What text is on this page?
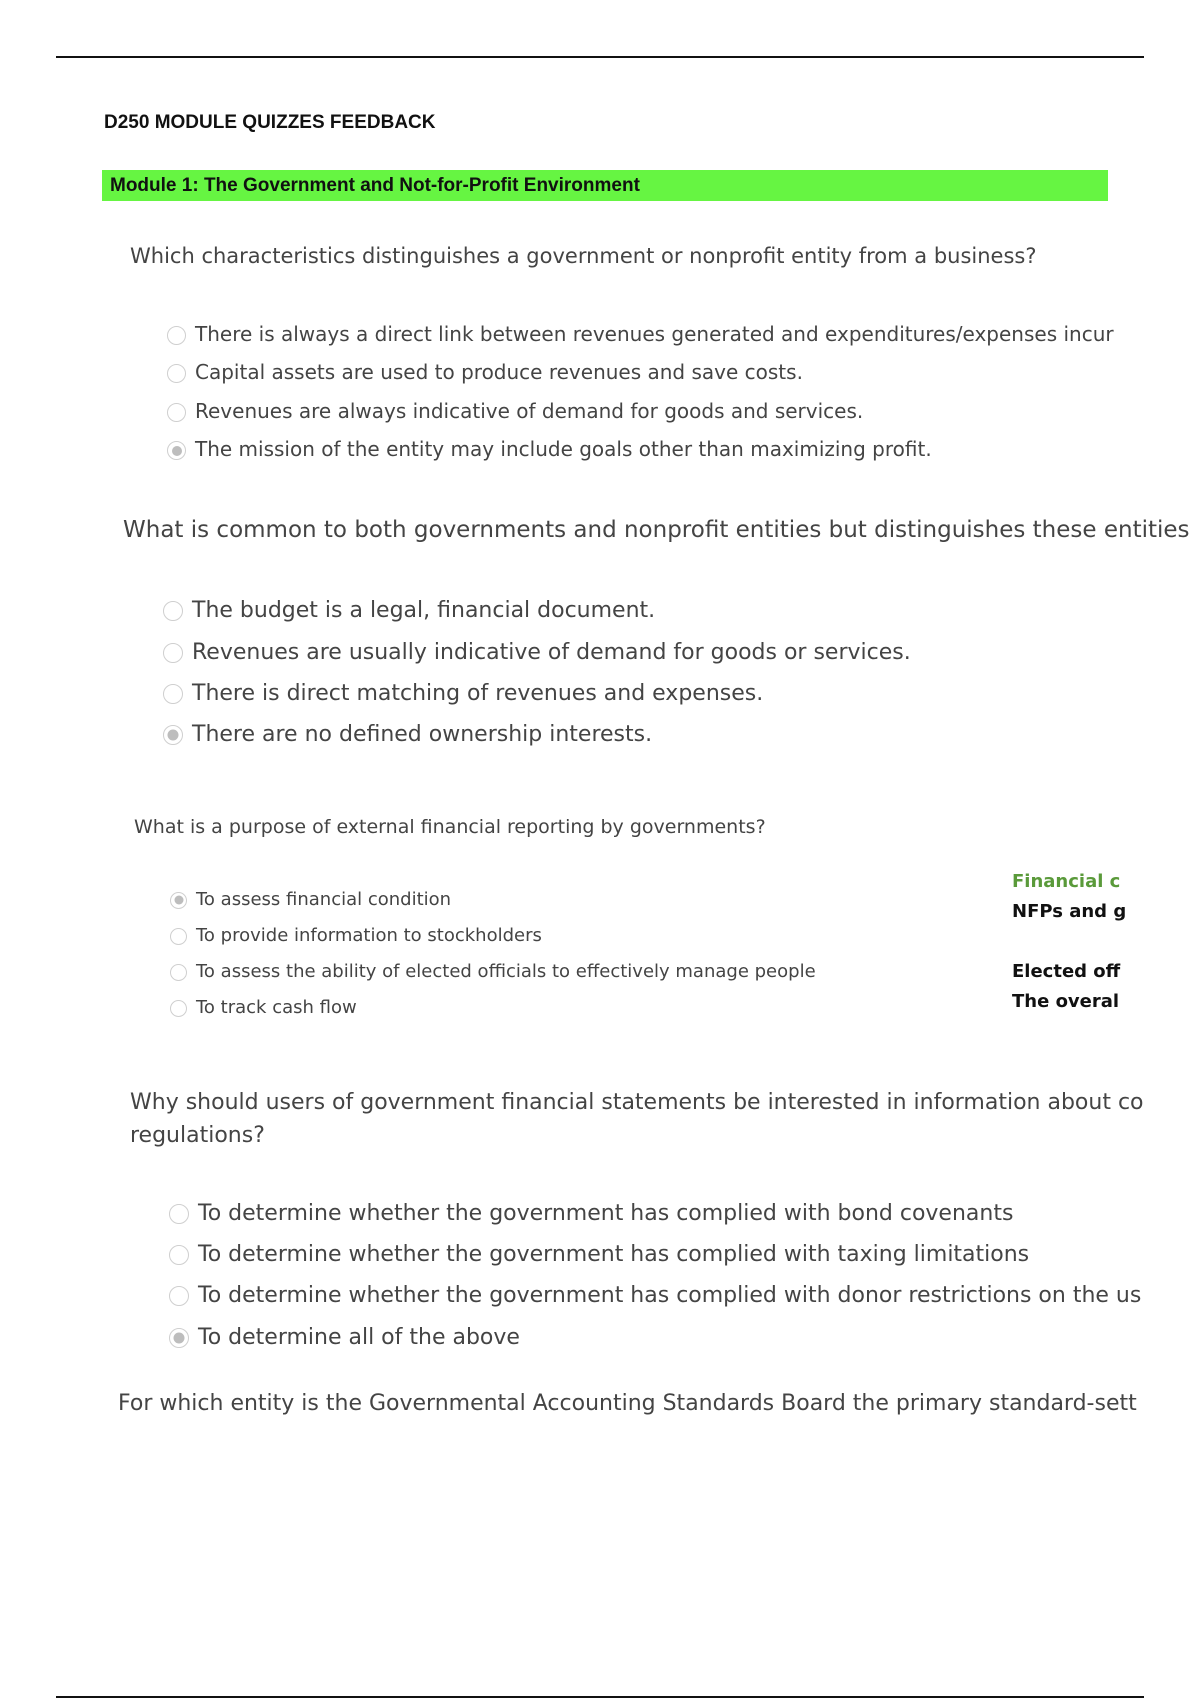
D250 MODULE QUIZZES FEEDBACK
Module 1: The Government and Not-for-Profit Environment
Which characteristics distinguishes a government or nonprofit entity from a business?
There is always a direct link between revenues generated and expenditures/expenses incur
Capital assets are used to produce revenues and save costs.
Revenues are always indicative of demand for goods and services.
The mission of the entity may include goals other than maximizing profit.
What is common to both governments and nonprofit entities but distinguishes these entities
The budget is a legal, financial document.
Revenues are usually indicative of demand for goods or services.
There is direct matching of revenues and expenses.
There are no defined ownership interests.
What is a purpose of external financial reporting by governments?
To assess financial condition
To provide information to stockholders
To assess the ability of elected officials to effectively manage people
To track cash flow
Financial c
NFPs and g
Elected off
The overal
Why should users of government financial statements be interested in information about co
regulations?
To determine whether the government has complied with bond covenants
To determine whether the government has complied with taxing limitations
To determine whether the government has complied with donor restrictions on the us
To determine all of the above
For which entity is the Governmental Accounting Standards Board the primary standard-sett
